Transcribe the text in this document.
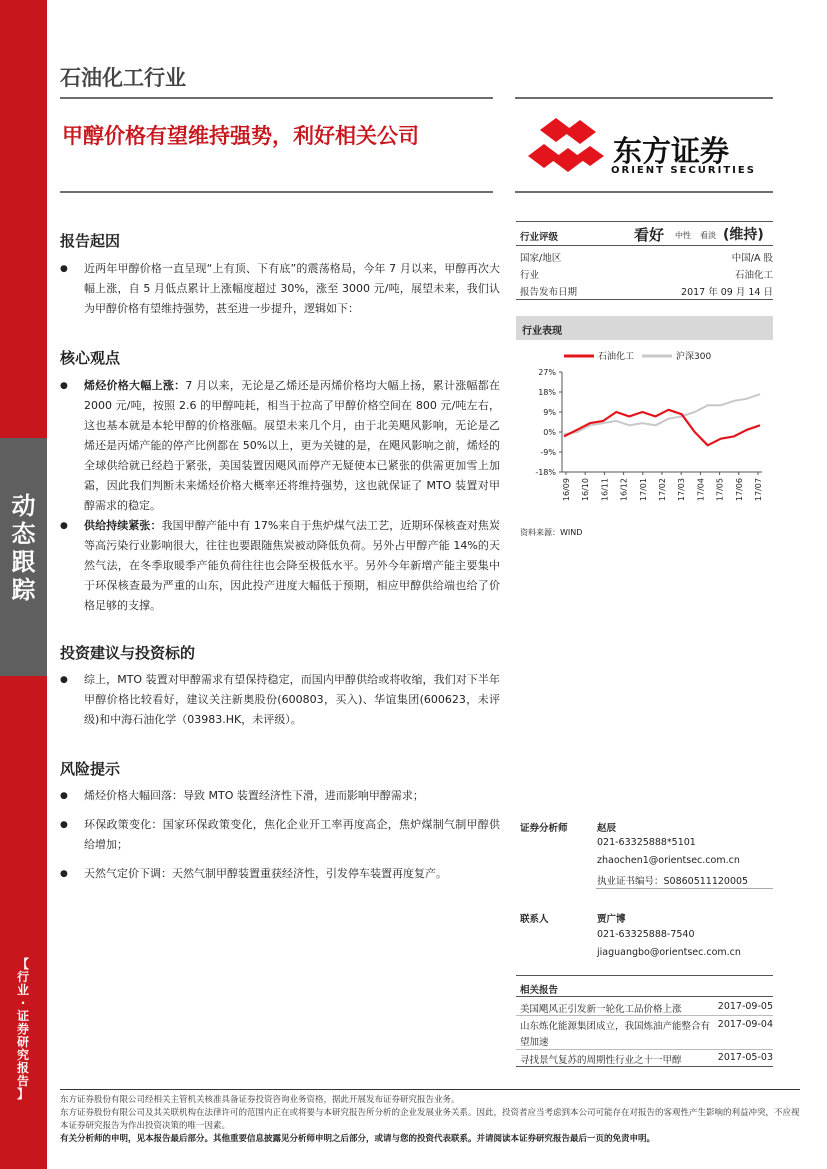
动
态
跟
踪
【
行
业
·
证
券
研
究
报
告
】
石油化工行业
甲醇价格有望维持强势，利好相关公司	东方证券
ORIENT SECURITIES
报告起因
●	近两年甲醇价格一直呈现“上有顶、下有底”的震荡格局，今年 7 月以来，甲醇再次大幅上涨，自 5 月低点累计上涨幅度超过 30%，涨至 3000 元/吨，展望未来，我们认为甲醇价格有望维持强势，甚至进一步提升，逻辑如下：
核心观点
●	烯烃价格大幅上涨：7 月以来，无论是乙烯还是丙烯价格均大幅上扬，累计涨幅都在 2000 元/吨，按照 2.6 的甲醇吨耗，相当于拉高了甲醇价格空间在 800 元/吨左右，这也基本就是本轮甲醇的价格涨幅。展望未来几个月，由于北美飓风影响，无论是乙烯还是丙烯产能的停产比例都在 50%以上，更为关键的是，在飓风影响之前，烯烃的全球供给就已经趋于紧张，美国装置因飓风而停产无疑使本已紧张的供需更加雪上加霜，因此我们判断未来烯烃价格大概率还将维持强势，这也就保证了 MTO 装置对甲醇需求的稳定。
●	供给持续紧张：我国甲醇产能中有 17%来自于焦炉煤气法工艺，近期环保核查对焦炭等高污染行业影响很大，往往也要跟随焦炭被动降低负荷。另外占甲醇产能 14%的天然气法，在冬季取暖季产能负荷往往也会降至极低水平。另外今年新增产能主要集中于环保核查最为严重的山东，因此投产进度大幅低于预期，相应甲醇供给端也给了价格足够的支撑。
投资建议与投资标的
●	综上，MTO 装置对甲醇需求有望保持稳定，而国内甲醇供给或将收缩，我们对下半年甲醇价格比较看好，建议关注新奥股份(600803，买入)、华谊集团(600623，未评级)和中海石油化学（03983.HK，未评级）。
风险提示
●	烯烃价格大幅回落：导致 MTO 装置经济性下滑，进而影响甲醇需求；
●	环保政策变化：国家环保政策变化，焦化企业开工率再度高企，焦炉煤制气制甲醇供给增加；
●	天然气定价下调：天然气制甲醇装置重获经济性，引发停车装置再度复产。
行业评级	看好 中性 看淡 (维持)
国家/地区	中国/A 股
行业	石油化工
报告发布日期	2017 年 09 月 14 日
行业表现
石油化工	沪深300
27%
18%
9%
0%
-9%
-18%
16/09 16/10 16/11 16/12 17/01 17/02 17/03 17/04 17/05 17/06 17/07
资料来源：WIND
证券分析师	赵辰
021-63325888*5101
zhaochen1@orientsec.com.cn
执业证书编号：S0860511120005
联系人	贾广博
021-63325888-7540
jiaguangbo@orientsec.com.cn
相关报告
美国飓风正引发新一轮化工品价格上涨	2017-09-05
山东炼化能源集团成立，我国炼油产能整合有望加速
2017-09-04
寻找景气复苏的周期性行业之十一甲醇	2017-05-03
东方证券股份有限公司经相关主管机关核准具备证券投资咨询业务资格，据此开展发布证券研究报告业务。
东方证券股份有限公司及其关联机构在法律许可的范围内正在或将要与本研究报告所分析的企业发展业务关系。因此，投资者应当考虑到本公司可能存在对报告的客观性产生影响的利益冲突，不应视本证券研究报告为作出投资决策的唯一因素。
有关分析师的申明，见本报告最后部分。其他重要信息披露见分析师申明之后部分，或请与您的投资代表联系。并请阅读本证券研究报告最后一页的免责申明。
